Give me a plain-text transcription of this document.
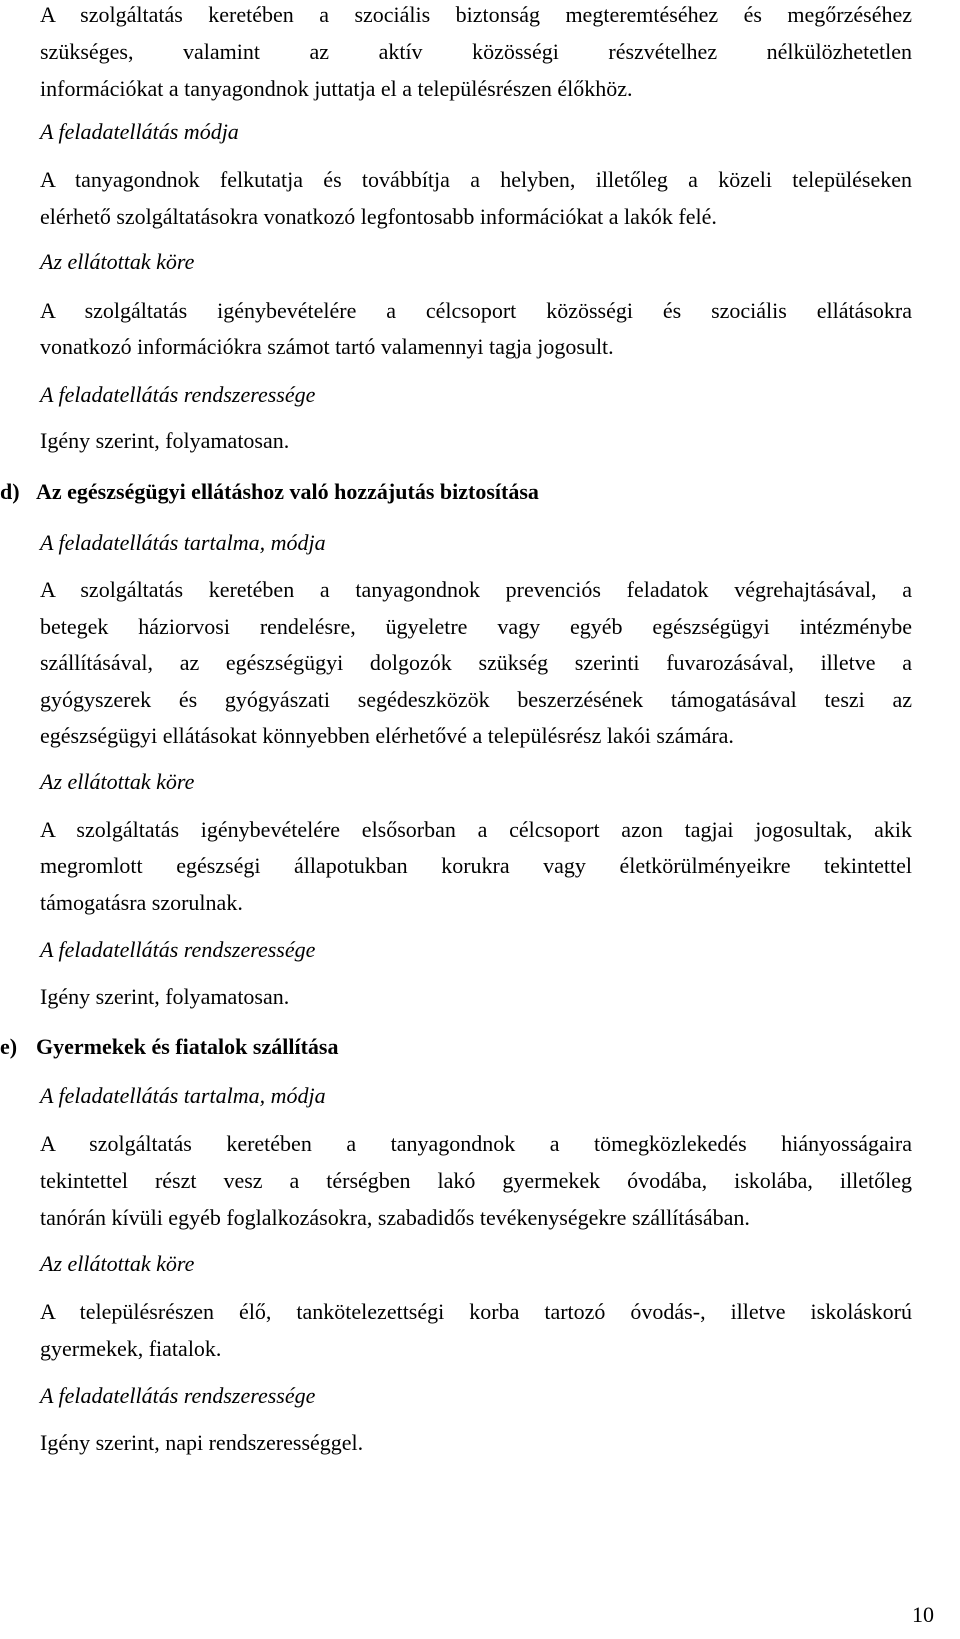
A szolgáltatás keretében a szociális biztonság megteremtéséhez és megőrzéséhez
szükséges, valamint az aktív közösségi részvételhez nélkülözhetetlen
információkat a tanyagondnok juttatja el a településrészen élőkhöz.
A feladatellátás módja
A tanyagondnok felkutatja és továbbítja a helyben, illetőleg a közeli településeken
elérhető szolgáltatásokra vonatkozó legfontosabb információkat a lakók felé.
Az ellátottak köre
A szolgáltatás igénybevételére a célcsoport közösségi és szociális ellátásokra
vonatkozó információkra számot tartó valamennyi tagja jogosult.
A feladatellátás rendszeressége
Igény szerint, folyamatosan.
d) Az egészségügyi ellátáshoz való hozzájutás biztosítása
A feladatellátás tartalma, módja
A szolgáltatás keretében a tanyagondnok prevenciós feladatok végrehajtásával, a
betegek háziorvosi rendelésre, ügyeletre vagy egyéb egészségügyi intézménybe
szállításával, az egészségügyi dolgozók szükség szerinti fuvarozásával, illetve a
gyógyszerek és gyógyászati segédeszközök beszerzésének támogatásával teszi az
egészségügyi ellátásokat könnyebben elérhetővé a településrész lakói számára.
Az ellátottak köre
A szolgáltatás igénybevételére elsősorban a célcsoport azon tagjai jogosultak, akik
megromlott egészségi állapotukban korukra vagy életkörülményeikre tekintettel
támogatásra szorulnak.
A feladatellátás rendszeressége
Igény szerint, folyamatosan.
e) Gyermekek és fiatalok szállítása
A feladatellátás tartalma, módja
A szolgáltatás keretében a tanyagondnok a tömegközlekedés hiányosságaira
tekintettel részt vesz a térségben lakó gyermekek óvodába, iskolába, illetőleg
tanórán kívüli egyéb foglalkozásokra, szabadidős tevékenységekre szállításában.
Az ellátottak köre
A településrészen élő, tankötelezettségi korba tartozó óvodás-, illetve iskoláskorú
gyermekek, fiatalok.
A feladatellátás rendszeressége
Igény szerint, napi rendszerességgel.
10
